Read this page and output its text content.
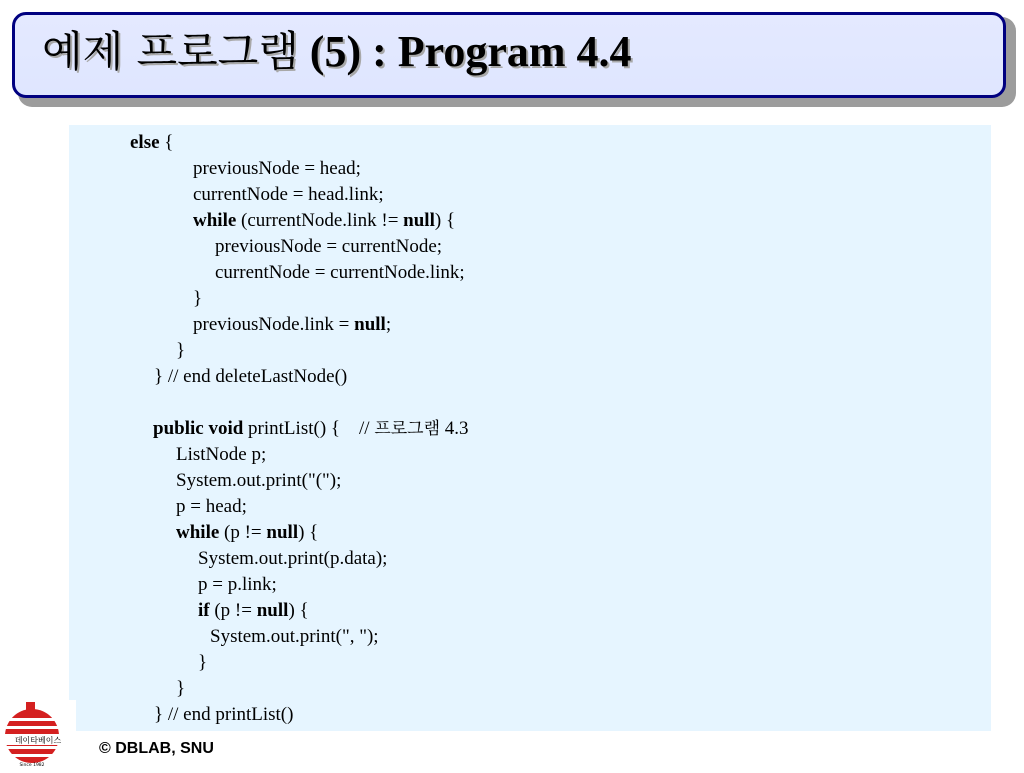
예제 프로그램 (5) : Program 4.4
else {
previousNode = head;
currentNode = head.link;
while (currentNode.link != null) {
previousNode = currentNode;
currentNode = currentNode.link;
}
previousNode.link = null;
}
} // end deleteLastNode()
public void printList() {    // 프로그램 4.3
ListNode p;
System.out.print("(");
p = head;
while (p != null) {
System.out.print(p.data);
p = p.link;
if (p != null) {
System.out.print(", ");
}
}
} // end printList()
데이타베이스
Since 1982
© DBLAB, SNU
